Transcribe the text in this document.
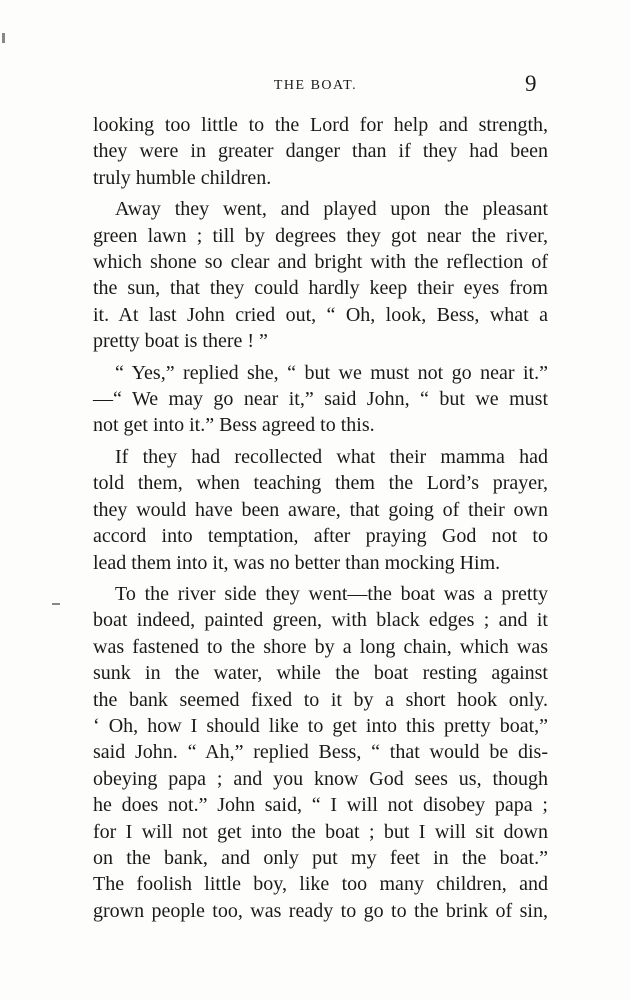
THE BOAT.	9
looking too little to the Lord for help and strength,
they were in greater danger than if they had been
truly humble children.
Away they went, and played upon the pleasant
green lawn ; till by degrees they got near the river,
which shone so clear and bright with the reflection of
the sun, that they could hardly keep their eyes from
it. At last John cried out, “ Oh, look, Bess, what a
pretty boat is there ! ”
“ Yes,” replied she, “ but we must not go near it.”
—“ We may go near it,” said John, “ but we must
not get into it.” Bess agreed to this.
If they had recollected what their mamma had
told them, when teaching them the Lord’s prayer,
they would have been aware, that going of their own
accord into temptation, after praying God not to
lead them into it, was no better than mocking Him.
To the river side they went—the boat was a pretty
boat indeed, painted green, with black edges ; and it
was fastened to the shore by a long chain, which was
sunk in the water, while the boat resting against
the bank seemed fixed to it by a short hook only.
‘ Oh, how I should like to get into this pretty boat,”
said John. “ Ah,” replied Bess, “ that would be dis-
obeying papa ; and you know God sees us, though
he does not.” John said, “ I will not disobey papa ;
for I will not get into the boat ; but I will sit down
on the bank, and only put my feet in the boat.”
The foolish little boy, like too many children, and
grown people too, was ready to go to the brink of sin,
